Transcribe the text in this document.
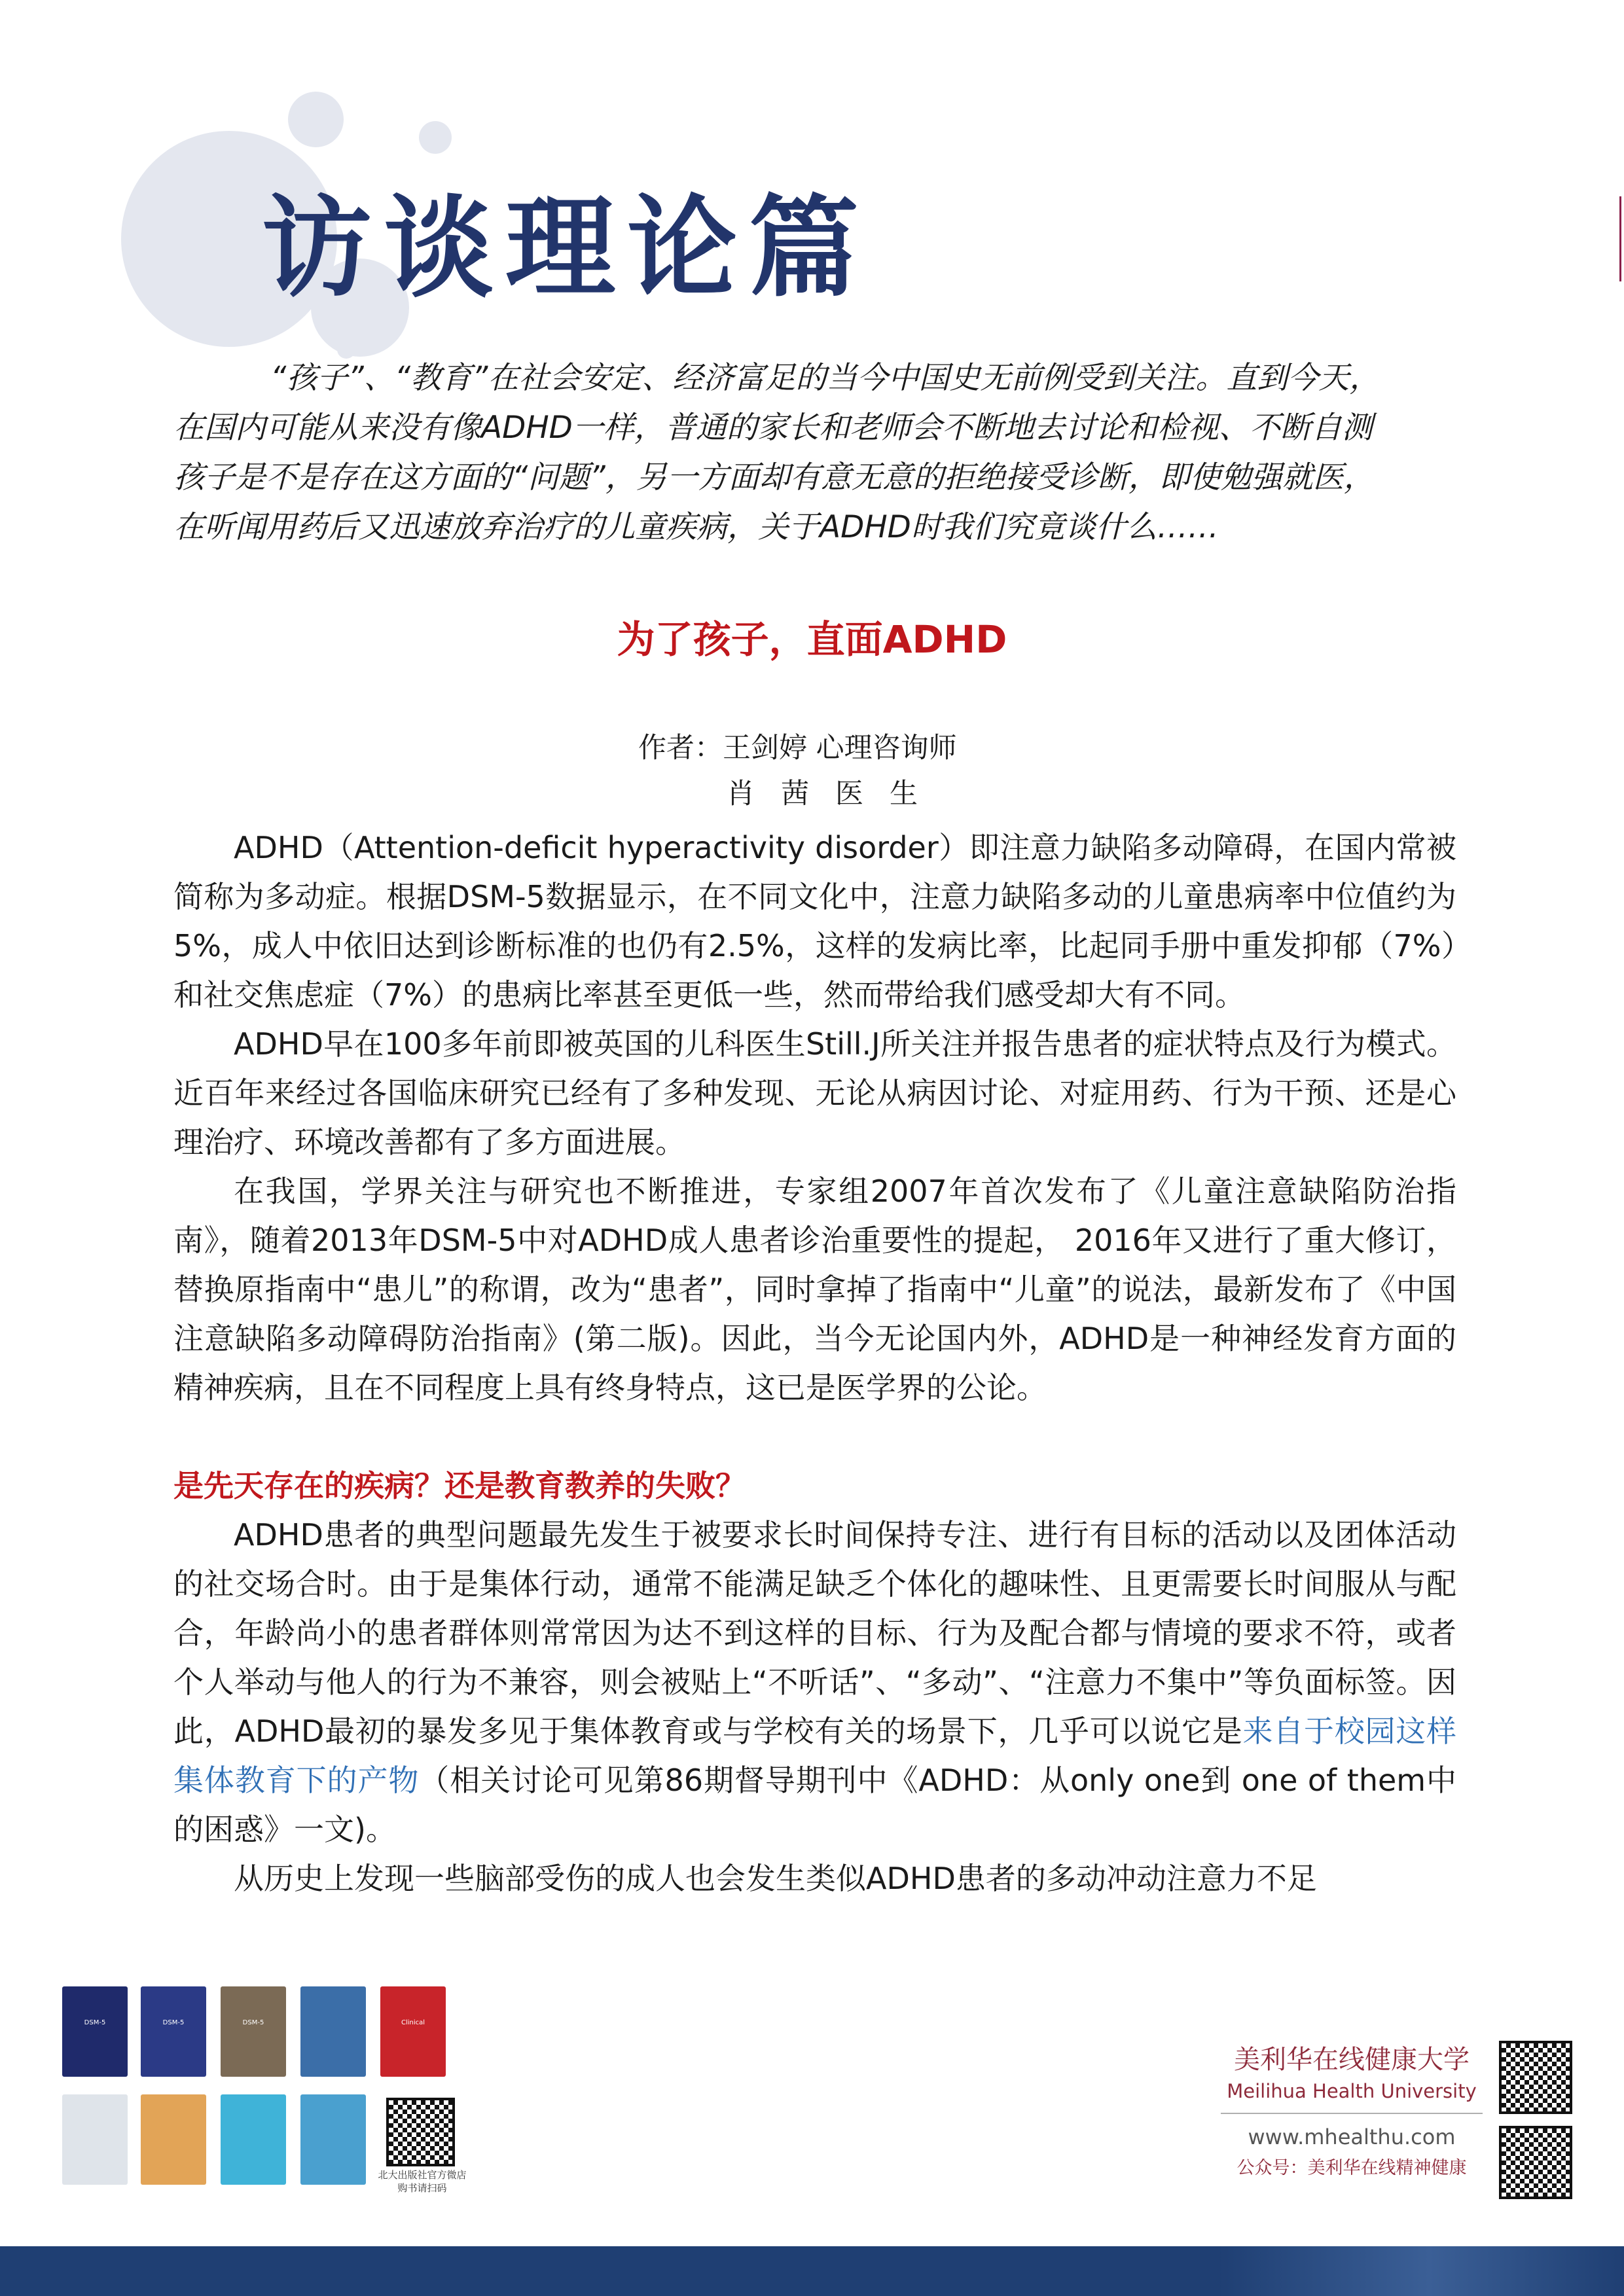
访谈理论篇

“孩子”、“教育”在社会安定、经济富足的当今中国史无前例受到关注。直到今天，

在国内可能从来没有像ADHD一样，普通的家长和老师会不断地去讨论和检视、不断自测

孩子是不是存在这方面的“问题”，另一方面却有意无意的拒绝接受诊断，即使勉强就医，

在听闻用药后又迅速放弃治疗的儿童疾病，关于ADHD时我们究竟谈什么……

为了孩子，直面ADHD
作者：王剑婷 心理咨询师
肖茜医生

ADHD（Attention-deficit hyperactivity disorder）即注意力缺陷多动障碍，在国内常被简称为多动症。根据DSM-5数据显示，在不同文化中，注意力缺陷多动的儿童患病率中位值约为5%，成人中依旧达到诊断标准的也仍有2.5%，这样的发病比率，比起同手册中重发抑郁（7%）和社交焦虑症（7%）的患病比率甚至更低一些，然而带给我们感受却大有不同。

ADHD早在100多年前即被英国的儿科医生Still.J所关注并报告患者的症状特点及行为模式。近百年来经过各国临床研究已经有了多种发现、无论从病因讨论、对症用药、行为干预、还是心理治疗、环境改善都有了多方面进展。

在我国，学界关注与研究也不断推进，专家组2007年首次发布了《儿童注意缺陷防治指南》，随着2013年DSM-5中对ADHD成人患者诊治重要性的提起， 2016年又进行了重大修订，替换原指南中“患儿”的称谓，改为“患者”，同时拿掉了指南中“儿童”的说法，最新发布了《中国注意缺陷多动障碍防治指南》(第二版)。因此，当今无论国内外，ADHD是一种神经发育方面的精神疾病，且在不同程度上具有终身特点，这已是医学界的公论。

是先天存在的疾病？还是教育教养的失败？

ADHD患者的典型问题最先发生于被要求长时间保持专注、进行有目标的活动以及团体活动的社交场合时。由于是集体行动，通常不能满足缺乏个体化的趣味性、且更需要长时间服从与配合，年龄尚小的患者群体则常常因为达不到这样的目标、行为及配合都与情境的要求不符，或者个人举动与他人的行为不兼容，则会被贴上“不听话”、“多动”、“注意力不集中”等负面标签。因此，ADHD最初的暴发多见于集体教育或与学校有关的场景下，几乎可以说它是来自于校园这样集体教育下的产物（相关讨论可见第86期督导期刊中《ADHD：从only one到 one of them中的困惑》一文)。

从历史上发现一些脑部受伤的成人也会发生类似ADHD患者的多动冲动注意力不足

DSM-5	DSM-5	DSM-5	Clinical
北大出版社官方微店
购书请扫码
美利华在线健康大学
Meilihua Health University
www.mhealthu.com
公众号：美利华在线精神健康
